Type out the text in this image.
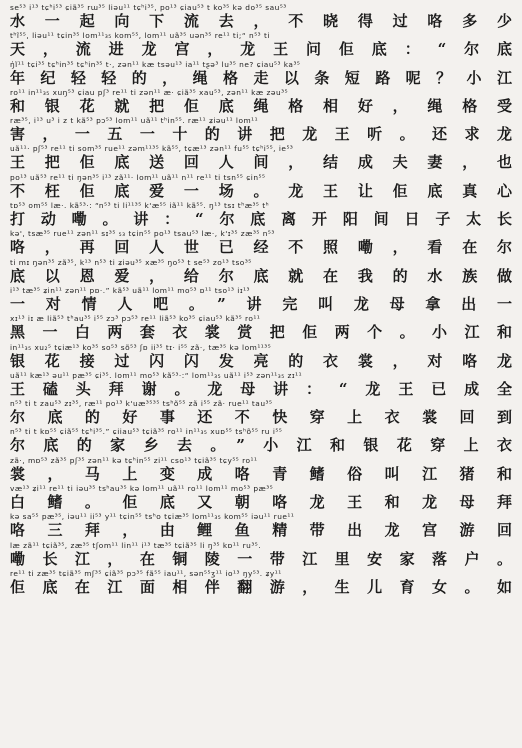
se⁵³ i¹³ tɕʰi⁵³ ɕiã³⁵ rɯ³⁵ liəu¹¹ tɕʰi³⁵, po¹³ ɕiau⁵³ t ko³⁵ kə do³⁵ sau⁵³
水一起向下流去，不晓得过咯多少
tʰĩ⁵⁵, liəu¹¹ tɕin³⁵ lom¹¹₃₅ kom⁵⁵, lom¹¹ uã³⁵ uən³⁵ re¹¹ ti;“ n⁵³ ti
天，流进龙宫，龙王问佢底：“尔底
ŋ̍ĩ¹¹ tɕi³⁵ tɕʰin³⁵ tɕʰin³⁵ t·, zən¹¹ kæ tsəu¹³ ia¹¹ tʂə³ lu³⁵ ne? ɕiau⁵³ ka³⁵
年纪轻轻的，绳格走以条短路呢？小江
ro¹¹ in¹¹₃₅ xuŋ⁵³ ɕiau pʃ³ re¹¹ ti zən¹¹ æ· ɕiã³⁵ xau⁵³, zən¹¹ kæ zəu³⁵
和银花就把佢底绳格相好，绳格受
ræ³⁵, i¹³ u³ i z t kã⁵³ pɔ⁵³ lom¹¹ uã¹¹ tʰin⁵⁵. ræ¹¹ ʑiəu¹¹ lom¹¹
害，一五一十的讲把龙王听。还求龙
uã¹¹· pʃ⁵³ re¹¹ ti som³⁵ rue¹¹ zəm¹¹³⁵ kã⁵⁵, tɕæ¹³ zən¹¹ fu⁵⁵ tɕʰi⁵⁵, ie⁵³
王把佢底送回人间，结成夫妻，也
po¹³ uã⁵³ re¹¹ ti ŋən³⁵ i¹³ zã¹¹· lom¹¹ uã¹¹ n¹¹ re¹¹ ti tsn⁵⁵ ɕin⁵⁵
不枉佢底爱一场。龙王让佢底真心
tɒ⁵³ om⁵⁵ læ·. kã⁵³·: “n⁵³ ti li¹¹³⁵ k'æ⁵⁵ iã¹¹ kã⁵⁵. ŋ¹³ tsɪ tʰæ³⁵ tʰ
打动嘞。讲：“尔底离开阳间日子太长
kə', tsæ³⁵ rue¹¹ zən¹¹ sɪ³⁵ ₅₃ tɕin⁵⁵ po¹³ tsau⁵³ læ·, k'ɪ³⁵ zæ³⁵ n⁵³
咯，再回人世已经不照嘞，看在尔
ti mɪ ŋən³⁵ zã³⁵, k¹³ n⁵³ ti ʑiəu³⁵ xæ³⁵ ŋo⁵³ t se⁵³ zo¹³ tso³⁵
底以恩爱，给尔底就在我的水族做
i¹³ tæ³⁵ ʑin¹¹ zən¹¹ pɒ·.” kã⁵³ uã¹¹ lom¹¹ mo⁵³ ɒ¹¹ tso¹³ iɪ¹³
一对情人吧。”讲完叫龙母拿出一
xɪ¹³ iɪ æ liã⁵³ tʰau³⁵ i⁵⁵ zɔ³ pɔ⁵³ re¹¹ liã⁵³ ko³⁵ ɕiau⁵³ kã³⁵ ro¹¹
黑一白两套衣裳赏把佢两个。小江和
in¹¹₃₅ xu₂⁵ tɕiæ¹³ ko³⁵ so⁵³ sõ⁵³ ʃɒ ii³⁵ tɪ· i⁵⁵ zã·, tæ³⁵ kə lom¹¹³⁵
银花接过闪闪发亮的衣裳，对咯龙
uã¹¹ kæ¹³ əu¹¹ pæ³⁵ ɕi³⁵. lom¹¹ mo⁵³ kã⁵³·:“ lom¹¹₃₅ uã¹¹ i⁵³ zən¹¹₃₅ zɪ¹¹
王磕头拜谢。龙母讲：“龙王已成全
n⁵³ ti t zau⁵³ zɪ³⁵, ræ¹¹ po¹³ k'uæ³⁵³⁵ tsʰõ⁵⁵ zã i⁵⁵ zã· rue¹¹ tau³⁵
尔底的好事还不快穿上衣裳回到
n⁵³ ti t kɒ⁵⁵ ɕiã⁵⁵ tɕʰi³⁵.” ɕiiau⁵³ tɕiã³⁵ ro¹¹ in¹¹₃₅ xuɒ⁵⁵ tsʰõ⁵⁵ ru i⁵⁵
尔底的家乡去。”小江和银花穿上衣
zã·, mɒ⁵³ zã³⁵ pʃ³⁵ zən¹¹ kə tɕʰin⁵⁵ zi¹¹ cso¹³ tɕiã³⁵ tɕy⁵⁵ ro¹¹
裳，马上变成咯青鳍俗叫江猪和
væ¹³ ʑi¹¹ re¹¹ ti iəu³⁵ tsʰau³⁵ kə lom¹¹ uã¹¹ ro¹¹ lom¹¹ mo⁵³ pæ³⁵
白鳍。佢底又朝咯龙王和龙母拜
kə sa⁵⁵ pæ³⁵, iəu¹¹ ii⁵³ y¹¹ tɕin⁵⁵ tsʰo tɕiæ³⁵ lom¹¹₃₅ kom⁵⁵ iəu¹¹ rue¹¹
咯三拜，由鲤鱼精带出龙宫游回
læ zã¹¹ tɕiã³⁵, zæ³⁵ tʃom¹¹ lin¹¹ i¹³ tæ³⁵ tɕiã³⁵ li ŋ³⁵ kɒ¹¹ ru³⁵.
嘞长江，在铜陵一带江里安家落户。
re¹¹ ti zæ³⁵ tɕiã³⁵ mʃ³⁵ ɕiã³⁵ pɔ³⁵ fã⁵⁵ iau¹¹, sən⁵⁵ʒ¹¹ io¹³ ŋy⁵³. ʑy¹¹
佢底在江面相伴翻游，生儿育女。如
